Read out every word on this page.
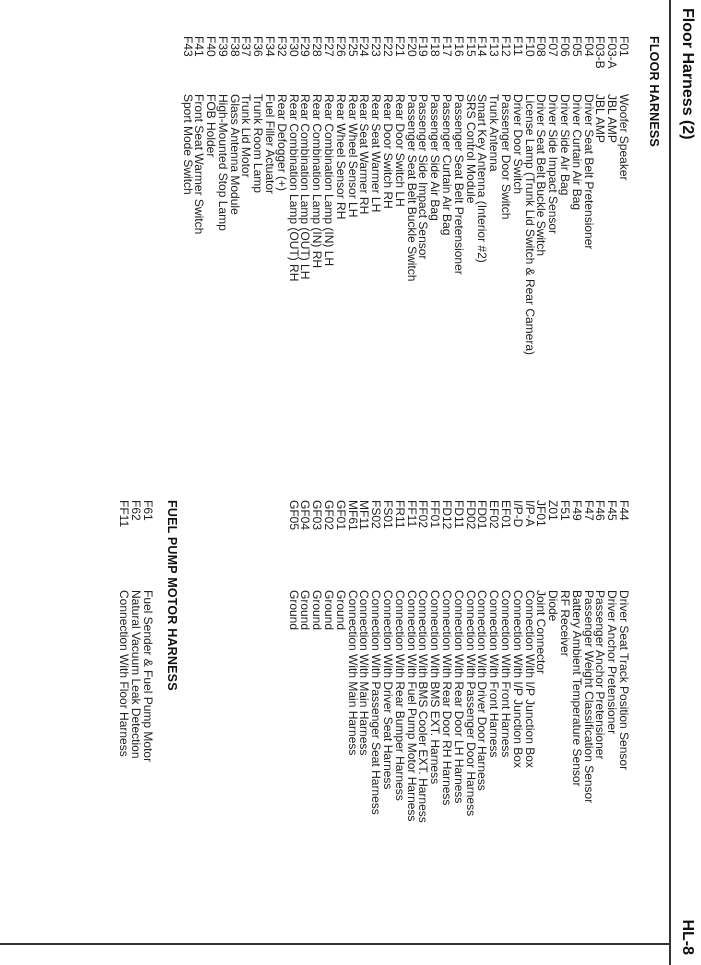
Floor Harness (2)
HL-8
FLOOR HARNESS
F01
Woofer Speaker
F03-A
JBL AMP
F03-B
JBL AMP
F04
Driver Seat Belt Pretensioner
F05
Driver Curtain Air Bag
F06
Driver Side Air Bag
F07
Driver Side Impact Sensor
F08
Driver Seat Belt Buckle Switch
F10
License Lamp (Trunk Lid Switch & Rear Camera)
F11
Driver Door Switch
F12
Passenger Door Switch
F13
Trunk Antenna
F14
Smart Key Antenna (Interior #2)
F15
SRS Control Module
F16
Passenger Seat Belt Pretensioner
F17
Passenger Curtain Air Bag
F18
Passenger Side Air Bag
F19
Passenger Side Impact Sensor
F20
Passenger Seat Belt Buckle Switch
F21
Rear Door Switch LH
F22
Rear Door Switch RH
F23
Rear Seat Warmer LH
F24
Rear Seat Warmer RH
F25
Rear Wheel Sensor LH
F26
Rear Wheel Sensor RH
F27
Rear Combination Lamp (IN) LH
F28
Rear Combination Lamp (IN) RH
F29
Rear Combination Lamp (OUT) LH
F30
Rear Combination Lamp (OUT) RH
F32
Rear Defogger (+)
F34
Fuel Filler Actuator
F36
Trunk Room Lamp
F37
Trunk Lid Motor
F38
Glass Antenna Module
F39
High-Mounted Stop Lamp
F40
FOB Holder
F41
Front Seat Warmer Switch
F43
Sport Mode Switch
F44
Driver Seat Track Position Sensor
F45
Driver Anchor Pretensioner
F46
Passenger Anchor Pretensioner
F47
Passenger Weight Classification Sensor
F49
Battery Ambient Temperature Sensor
F51
RF Receiver
Z01
Diode
JF01
Joint Connector
I/P-A
Connection With I/P Junction Box
I/P-D
Connection With I/P Junction Box
EF01
Connection With Front Harness
EF02
Connection With Front Harness
FD01
Connection With Driver Door Harness
FD02
Connection With Passenger Door Harness
FD11
Connection With Rear Door LH Harness
FD12
Connection With Rear Door RH Harness
FF01
Connection With BMS EXT. Harness
FF02
Connection With BMS Cooler EXT. Harness
FF11
Connection With Fuel Pump Motor Harness
FR11
Connection With Rear Bumper Harness
FS01
Connection With Driver Seat Harness
FS02
Connection With Passenger Seat Harness
MF11
Connection With Main Harness
MF61
Connection With Main Harness
GF01
Ground
GF02
Ground
GF03
Ground
GF04
Ground
GF05
Ground
FUEL PUMP MOTOR HARNESS
F61
Fuel Sender & Fuel Pump Motor
F62
Natural Vacuum Leak Detection
FF11
Connection With Floor Harness
